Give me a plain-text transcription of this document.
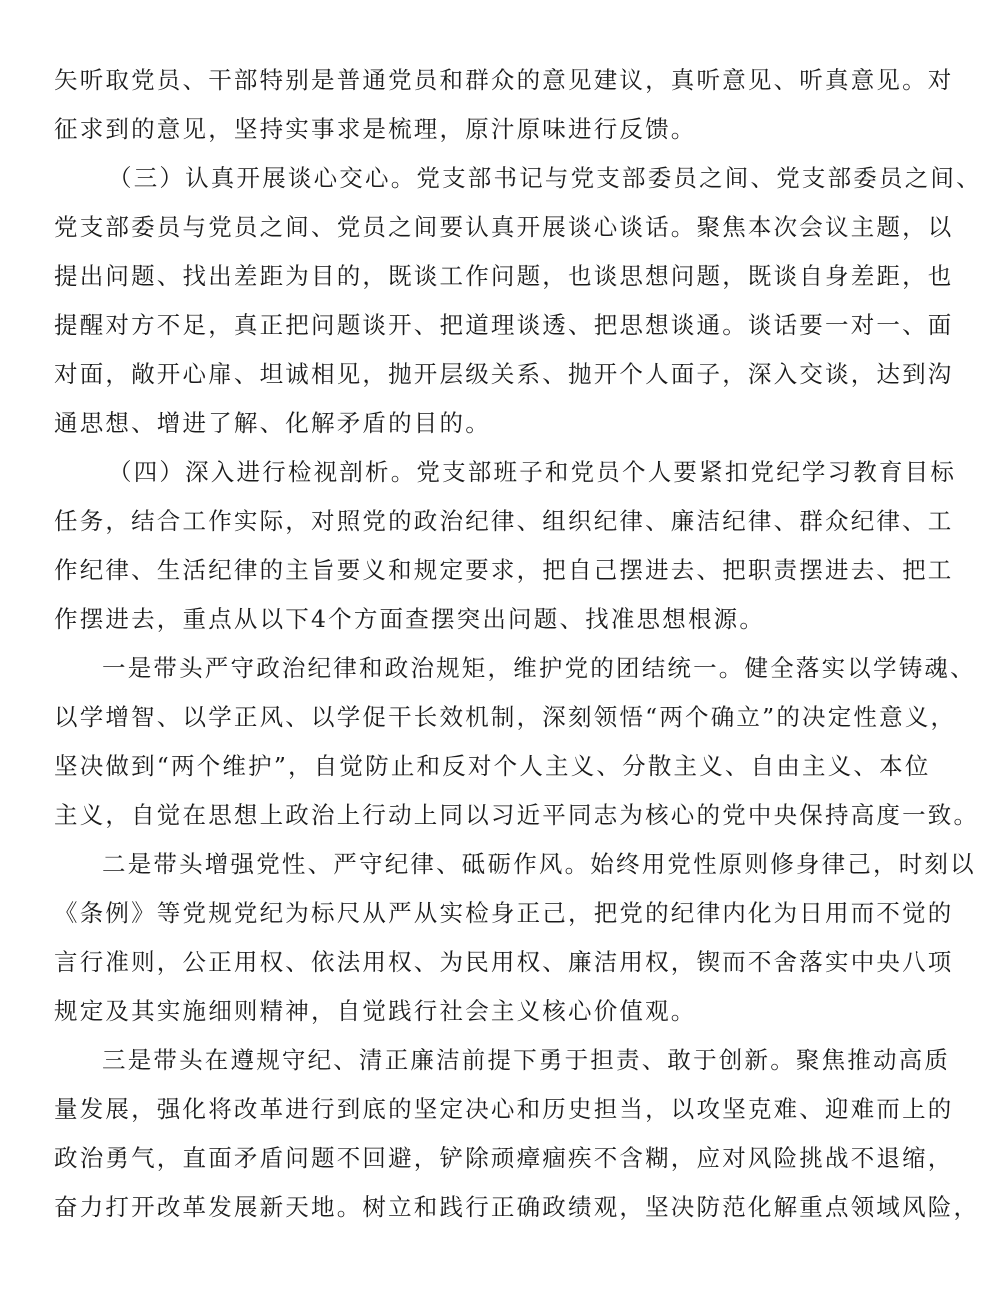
矢听取党员、干部特别是普通党员和群众的意见建议，真听意见、听真意见。对
征求到的意见，坚持实事求是梳理，原汁原味进行反馈。
（三）认真开展谈心交心。党支部书记与党支部委员之间、党支部委员之间、
党支部委员与党员之间、党员之间要认真开展谈心谈话。聚焦本次会议主题，以
提出问题、找出差距为目的，既谈工作问题，也谈思想问题，既谈自身差距，也
提醒对方不足，真正把问题谈开、把道理谈透、把思想谈通。谈话要一对一、面
对面，敞开心扉、坦诚相见，抛开层级关系、抛开个人面子，深入交谈，达到沟
通思想、增进了解、化解矛盾的目的。
（四）深入进行检视剖析。党支部班子和党员个人要紧扣党纪学习教育目标
任务，结合工作实际，对照党的政治纪律、组织纪律、廉洁纪律、群众纪律、工
作纪律、生活纪律的主旨要义和规定要求，把自己摆进去、把职责摆进去、把工
作摆进去，重点从以下4个方面查摆突出问题、找准思想根源。
一是带头严守政治纪律和政治规矩，维护党的团结统一。健全落实以学铸魂、
以学增智、以学正风、以学促干长效机制，深刻领悟“两个确立”的决定性意义，
坚决做到“两个维护”，自觉防止和反对个人主义、分散主义、自由主义、本位
主义，自觉在思想上政治上行动上同以习近平同志为核心的党中央保持高度一致。
二是带头增强党性、严守纪律、砥砺作风。始终用党性原则修身律己，时刻以
《条例》等党规党纪为标尺从严从实检身正己，把党的纪律内化为日用而不觉的
言行准则，公正用权、依法用权、为民用权、廉洁用权，锲而不舍落实中央八项
规定及其实施细则精神，自觉践行社会主义核心价值观。
三是带头在遵规守纪、清正廉洁前提下勇于担责、敢于创新。聚焦推动高质
量发展，强化将改革进行到底的坚定决心和历史担当，以攻坚克难、迎难而上的
政治勇气，直面矛盾问题不回避，铲除顽瘴痼疾不含糊，应对风险挑战不退缩，
奋力打开改革发展新天地。树立和践行正确政绩观，坚决防范化解重点领域风险，
